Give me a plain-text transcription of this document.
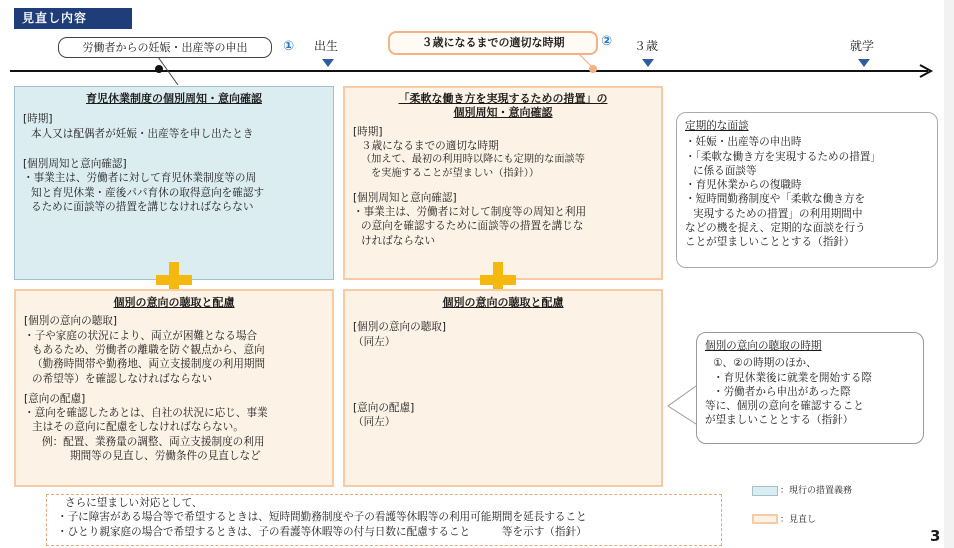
見直し内容
労働者からの妊娠・出産等の申出	① 出生	３歳になるまでの適切な時期	② ３歳	就学
育児休業制度の個別周知・意向確認
[時期]
本人又は配偶者が妊娠・出産等を申し出たとき
[個別周知と意向確認]
・事業主は、労働者に対して育児休業制度等の周
知と育児休業・産後パパ育休の取得意向を確認す
るために面談等の措置を講じなければならない
「柔軟な働き方を実現するための措置」の
個別周知・意向確認
[時期]
３歳になるまでの適切な時期
（加えて、最初の利用時以降にも定期的な面談等
を実施することが望ましい（指針））
[個別周知と意向確認]
・事業主は、労働者に対して制度等の周知と利用
の意向を確認するために面談等の措置を講じな
ければならない
定期的な面談
・妊娠・出産等の申出時
・「柔軟な働き方を実現するための措置」
に係る面談等
・育児休業からの復職時
・短時間勤務制度や「柔軟な働き方を
実現するための措置」の利用期間中
などの機を捉え、定期的な面談を行う
ことが望ましいこととする（指針）
個別の意向の聴取と配慮
[個別の意向の聴取]
・子や家庭の状況により、両立が困難となる場合
もあるため、労働者の離職を防ぐ観点から、意向
（勤務時間帯や勤務地、両立支援制度の利用期間
の希望等）を確認しなければならない
[意向の配慮]
・意向を確認したあとは、自社の状況に応じ、事業
主はその意向に配慮をしなければならない。
例：配置、業務量の調整、両立支援制度の利用
期間等の見直し、労働条件の見直しなど
個別の意向の聴取と配慮
[個別の意向の聴取]
（同左）
[意向の配慮]
（同左）
個別の意向の聴取の時期
①、②の時期のほか、
・育児休業後に就業を開始する際
・労働者から申出があった際
等に、個別の意向を確認すること
が望ましいこととする（指針）
さらに望ましい対応として、
・子に障害がある場合等で希望するときは、短時間勤務制度や子の看護等休暇等の利用可能期間を延長すること
・ひとり親家庭の場合で希望するときは、子の看護等休暇等の付与日数に配慮すること　　　等を示す（指針）
：現行の措置義務
：見直し
3
